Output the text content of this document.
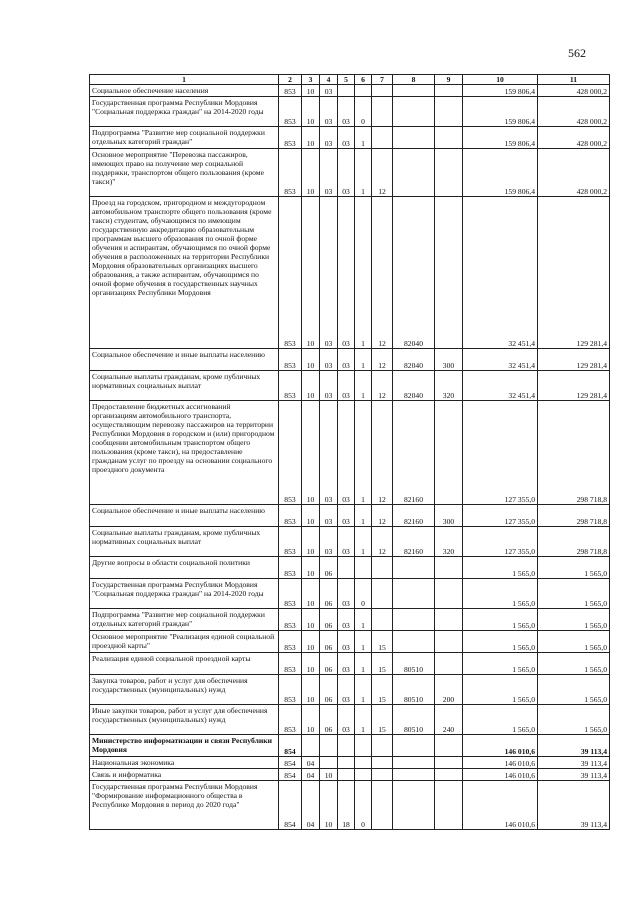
562
1	2	3	4	5	6	7	8	9	10	11
Социальное обеспечение населения	853	10	03						159 806,4	428 000,2
Государственная программа Республики Мордовия "Социальная поддержка граждан" на 2014-2020 годы	853	10	03	03	0				159 806,4	428 000,2
Подпрограмма "Развитие мер социальной поддержки отдельных категорий граждан"	853	10	03	03	1				159 806,4	428 000,2
Основное мероприятие "Перевозка пассажиров, имеющих право на получение мер социальной поддержки, транспортом общего пользования (кроме такси)"	853	10	03	03	1	12			159 806,4	428 000,2
Проезд на городском, пригородном и междугородном автомобильном транспорте общего пользования (кроме такси) студентам, обучающимся по имеющим государственную аккредитацию образовательным программам высшего образования по очной форме обучения и аспирантам, обучающимся по очной форме обучения в расположенных на территории Республики Мордовия образовательных организациях высшего образования, а также аспирантам, обучающимся по очной форме обучения в государственных научных организациях Республики Мордовия	853	10	03	03	1	12	82040		32 451,4	129 281,4
Социальное обеспечение и иные выплаты населению	853	10	03	03	1	12	82040	300	32 451,4	129 281,4
Социальные выплаты гражданам, кроме публичных нормативных социальных выплат	853	10	03	03	1	12	82040	320	32 451,4	129 281,4
Предоставление бюджетных ассигнований организациям автомобильного транспорта, осуществляющим перевозку пассажиров на территории Республики Мордовия в городском и (или) пригородном сообщении автомобильным транспортом общего пользования (кроме такси), на предоставление гражданам услуг по проезду на основании социального проездного документа	853	10	03	03	1	12	82160		127 355,0	298 718,8
Социальное обеспечение и иные выплаты населению	853	10	03	03	1	12	82160	300	127 355,0	298 718,8
Социальные выплаты гражданам, кроме публичных нормативных социальных выплат	853	10	03	03	1	12	82160	320	127 355,0	298 718,8
Другие вопросы в области социальной политики	853	10	06						1 565,0	1 565,0
Государственная программа Республики Мордовия "Социальная поддержка граждан" на 2014-2020 годы	853	10	06	03	0				1 565,0	1 565,0
Подпрограмма "Развитие мер социальной поддержки отдельных категорий граждан"	853	10	06	03	1				1 565,0	1 565,0
Основное мероприятие "Реализация единой социальной проездной карты"	853	10	06	03	1	15			1 565,0	1 565,0
Реализация единой социальной проездной карты	853	10	06	03	1	15	80510		1 565,0	1 565,0
Закупка товаров, работ и услуг для обеспечения государственных (муниципальных) нужд	853	10	06	03	1	15	80510	200	1 565,0	1 565,0
Иные закупки товаров, работ и услуг для обеспечения государственных (муниципальных) нужд	853	10	06	03	1	15	80510	240	1 565,0	1 565,0
Министерство информатизации и связи Республики Мордовия	854								146 010,6	39 113,4
Национальная экономика	854	04							146 010,6	39 113,4
Связь и информатика	854	04	10						146 010,6	39 113,4
Государственная программа Республики Мордовия "Формирование информационного общества в Республике Мордовия в период до 2020 года"	854	04	10	18	0				146 010,6	39 113,4
